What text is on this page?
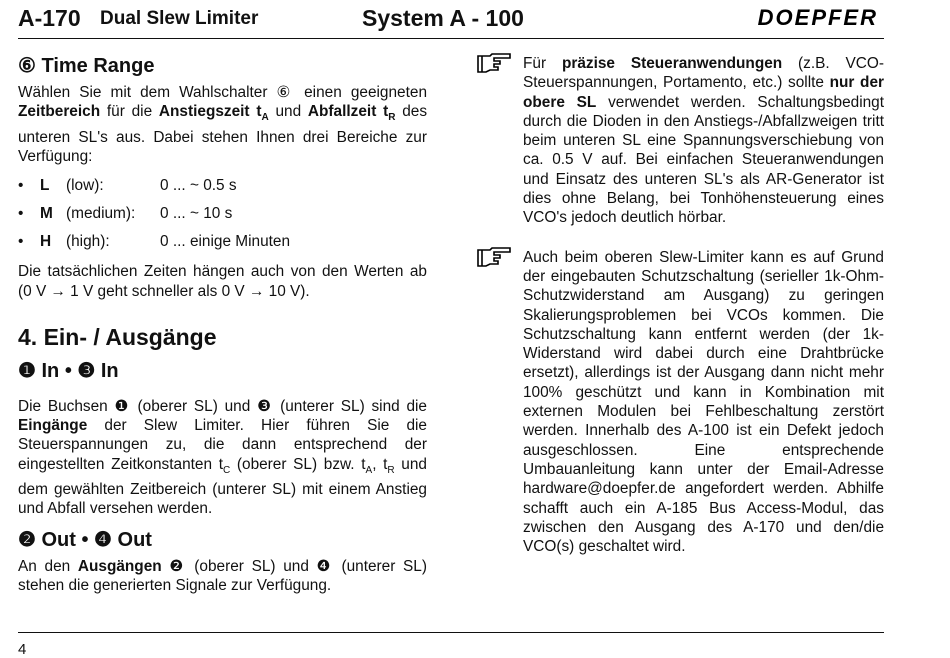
A-170 Dual Slew Limiter	System A - 100	DOEPFER
⑥ Time Range

Wählen Sie mit dem Wahlschalter ⑥ einen geeigneten Zeitbereich für die Anstiegszeit $t_A$ und Abfallzeit $t_R$ des unteren SL's aus. Dabei stehen Ihnen drei Bereiche zur Verfügung:

• L (low):	0 ... ~ 0.5 s
• M (medium): 0 ... ~ 10 s
• H (high):	0 ... einige Minuten

Die tatsächlichen Zeiten hängen auch von den Werten ab (0 V → 1 V geht schneller als 0 V → 10 V).

4. Ein- / Ausgänge
❶ In • ❸ In

Die Buchsen ❶ (oberer SL) und ❸ (unterer SL) sind die Eingänge der Slew Limiter. Hier führen Sie die Steuerspannungen zu, die dann entsprechend der eingestellten Zeitkonstanten $t_C$ (oberer SL) bzw. $t_A$, $t_R$ und dem gewählten Zeitbereich (unterer SL) mit einem Anstieg und Abfall versehen werden.

❷ Out • ❹ Out

An den Ausgängen ❷ (oberer SL) und ❹ (unterer SL) stehen die generierten Signale zur Verfügung.

Für präzise Steueranwendungen (z.B. VCO-Steuerspannungen, Portamento, etc.) sollte nur der obere SL verwendet werden. Schaltungsbedingt durch die Dioden in den Anstiegs-/Abfallzweigen tritt beim unteren SL eine Spannungsverschiebung von ca. 0.5 V auf. Bei einfachen Steueranwendungen und Einsatz des unteren SL's als AR-Generator ist dies ohne Belang, bei Tonhöhensteuerung eines VCO's jedoch deutlich hörbar.

Auch beim oberen Slew-Limiter kann es auf Grund der eingebauten Schutzschaltung (serieller 1k-Ohm-Schutzwiderstand am Ausgang) zu geringen Skalierungsproblemen bei VCOs kommen. Die Schutzschaltung kann entfernt werden (der 1k-Widerstand wird dabei durch eine Drahtbrücke ersetzt), allerdings ist der Ausgang dann nicht mehr 100% geschützt und kann in Kombination mit externen Modulen bei Fehlbeschaltung zerstört werden. Innerhalb des A-100 ist ein Defekt jedoch ausgeschlossen. Eine entsprechende Umbauanleitung kann unter der Email-Adresse hardware@doepfer.de angefordert werden. Abhilfe schafft auch ein A-185 Bus Access-Modul, das zwischen den Ausgang des A-170 und den/die VCO(s) geschaltet wird.

4
